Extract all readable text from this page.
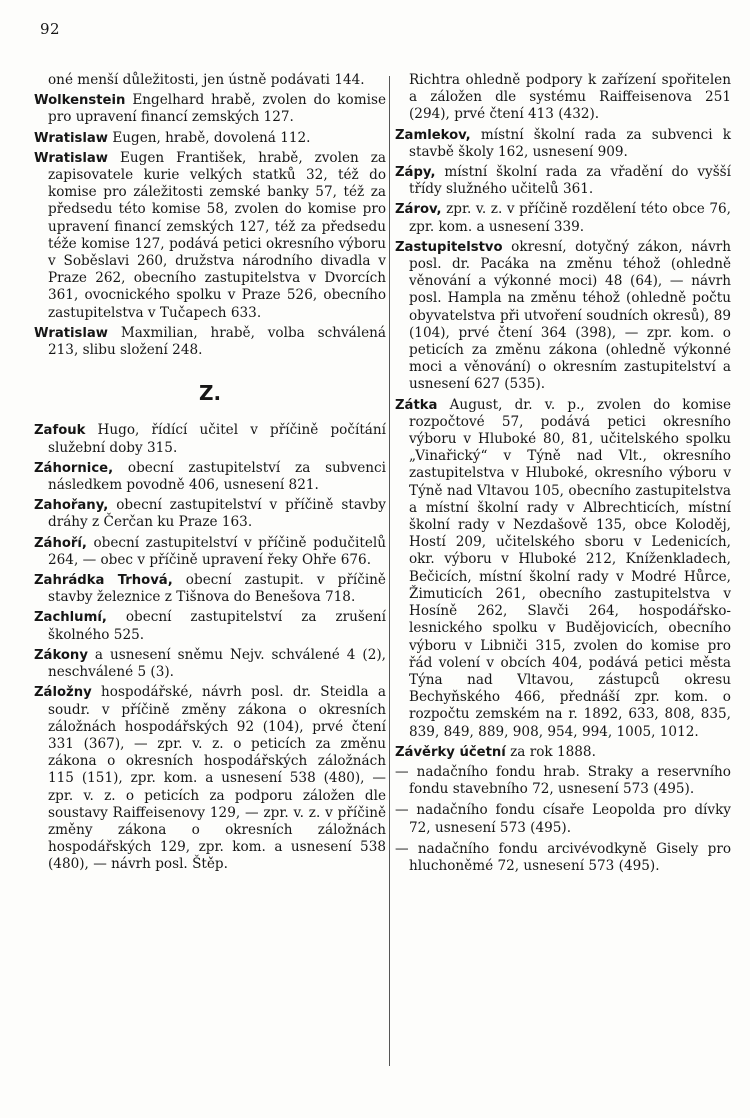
92

oné menší důležitosti, jen ústně podávati 144.

Wolkenstein Engelhard hrabě, zvolen do komise pro upravení financí zemských 127.

Wratislaw Eugen, hrabě, dovolená 112.

Wratislaw Eugen František, hrabě, zvolen za zapisovatele kurie velkých statků 32, též do komise pro záležitosti zemské banky 57, též za předsedu této komise 58, zvolen do komise pro upravení financí zemských 127, též za předsedu téže komise 127, podává petici okresního výboru v Soběslavi 260, družstva národního divadla v Praze 262, obecního zastupitelstva v Dvorcích 361, ovocnického spolku v Praze 526, obecního zastupitelstva v Tučapech 633.

Wratislaw Maxmilian, hrabě, volba schválená 213, slibu složení 248.

Z.

Zafouk Hugo, řídící učitel v příčině počítání služební doby 315.

Záhornice, obecní zastupitelství za subvenci následkem povodně 406, usnesení 821.

Zahořany, obecní zastupitelství v příčině stavby dráhy z Čerčan ku Praze 163.

Záhoří, obecní zastupitelství v příčině podučitelů 264, — obec v příčině upravení řeky Ohře 676.

Zahrádka Trhová, obecní zastupit. v příčině stavby železnice z Tišnova do Benešova 718.

Zachlumí, obecní zastupitelství za zrušení školného 525.

Zákony a usnesení sněmu Nejv. schválené 4 (2), neschválené 5 (3).

Záložny hospodářské, návrh posl. dr. Steidla a soudr. v příčině změny zákona o okresních záložnách hospodářských 92 (104), prvé čtení 331 (367), — zpr. v. z. o peticích za změnu zákona o okresních hospodářských záložnách 115 (151), zpr. kom. a usnesení 538 (480), — zpr. v. z. o peticích za podporu záložen dle soustavy Raiffeisenovy 129, — zpr. v. z. v příčině změny zákona o okresních záložnách hospodářských 129, zpr. kom. a usnesení 538 (480), — návrh posl. Štěp.

Richtra ohledně podpory k zařízení spořitelen a záložen dle systému Raiffeisenova 251 (294), prvé čtení 413 (432).

Zamlekov, místní školní rada za subvenci k stavbě školy 162, usnesení 909.

Zápy, místní školní rada za vřadění do vyšší třídy služného učitelů 361.

Zárov, zpr. v. z. v příčině rozdělení této obce 76, zpr. kom. a usnesení 339.

Zastupitelstvo okresní, dotyčný zákon, návrh posl. dr. Pacáka na změnu téhož (ohledně věnování a výkonné moci) 48 (64), — návrh posl. Hampla na změnu téhož (ohledně počtu obyvatelstva při utvoření soudních okresů), 89 (104), prvé čtení 364 (398), — zpr. kom. o peticích za změnu zákona (ohledně výkonné moci a věnování) o okresním zastupitelství a usnesení 627 (535).

Zátka August, dr. v. p., zvolen do komise rozpočtové 57, podává petici okresního výboru v Hluboké 80, 81, učitelského spolku „Vinařický“ v Týně nad Vlt., okresního zastupitelstva v Hluboké, okresního výboru v Týně nad Vltavou 105, obecního zastupitelstva a místní školní rady v Albrechticích, místní školní rady v Nezdašově 135, obce Koloděj, Hostí 209, učitelského sboru v Ledenicích, okr. výboru v Hluboké 212, Kníženkladech, Bečicích, místní školní rady v Modré Hůrce, Žimuticích 261, obecního zastupitelstva v Hosíně 262, Slavči 264, hospodářsko-lesnického spolku v Budějovicích, obecního výboru v Libniči 315, zvolen do komise pro řád volení v obcích 404, podává petici města Týna nad Vltavou, zástupců okresu Bechyňského 466, přednáší zpr. kom. o rozpočtu zemském na r. 1892, 633, 808, 835, 839, 849, 889, 908, 954, 994, 1005, 1012.

Závěrky účetní za rok 1888.

— nadačního fondu hrab. Straky a reservního fondu stavebního 72, usnesení 573 (495).

— nadačního fondu císaře Leopolda pro dívky 72, usnesení 573 (495).

— nadačního fondu arcivévodkyně Gisely pro hluchoněmé 72, usnesení 573 (495).
